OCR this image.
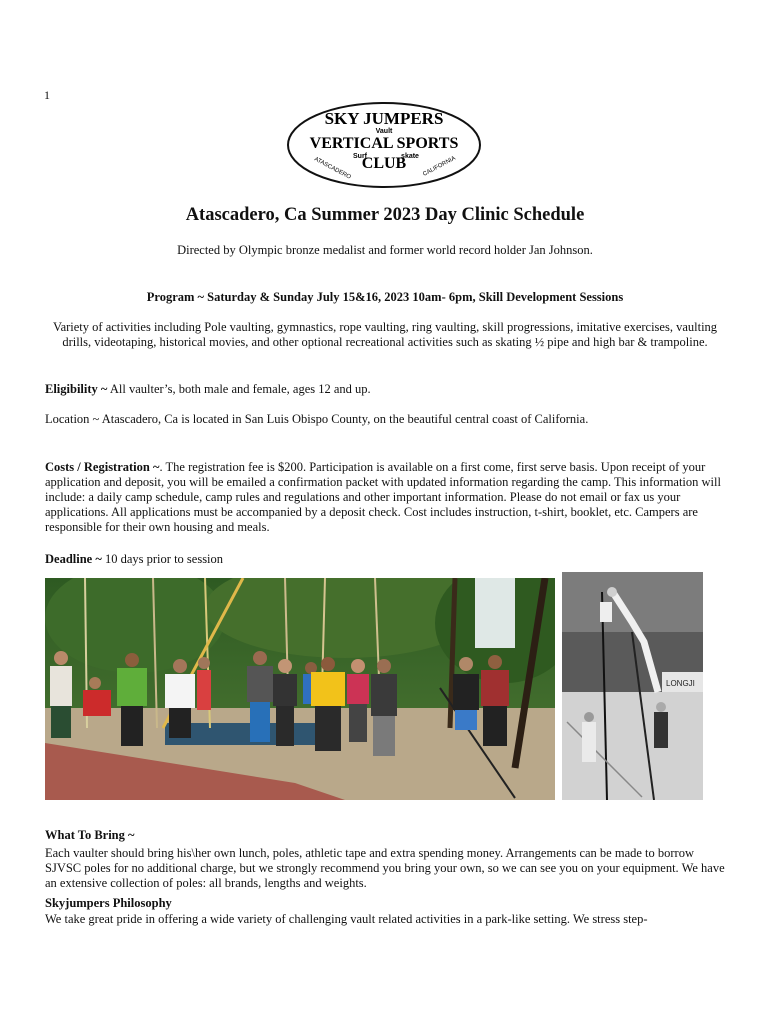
1
SKY JUMPERS
Vault
VERTICAL SPORTS
Surf	skate
CLUB
ATASCADERO	CALIFORNIA
Atascadero, Ca Summer 2023 Day Clinic Schedule
Directed by Olympic bronze medalist and former world record holder Jan Johnson.
Program ~ Saturday & Sunday July 15&16, 2023 10am- 6pm, Skill Development Sessions
Variety of activities including Pole vaulting, gymnastics, rope vaulting, ring vaulting, skill progressions, imitative exercises, vaulting drills, videotaping, historical movies, and other optional recreational activities such as skating ½ pipe and high bar & trampoline.
Eligibility ~ All vaulter’s, both male and female, ages 12 and up.
Location ~ Atascadero, Ca is located in San Luis Obispo County, on the beautiful central coast of California.
Costs / Registration ~. The registration fee is $200. Participation is available on a first come, first serve basis. Upon receipt of your application and deposit, you will be emailed a confirmation packet with updated information regarding the camp. This information will include: a daily camp schedule, camp rules and regulations and other important information. Please do not email or fax us your applications. All applications must be accompanied by a deposit check. Cost includes instruction, t-shirt, booklet, etc. Campers are responsible for their own housing and meals.
Deadline ~ 10 days prior to session
LONGJI
What To Bring ~
Each vaulter should bring his\her own lunch, poles, athletic tape and extra spending money. Arrangements can be made to borrow SJVSC poles for no additional charge, but we strongly recommend you bring your own, so we can see you on your equipment. We have an extensive collection of poles: all brands, lengths and weights.
Skyjumpers Philosophy
We take great pride in offering a wide variety of challenging vault related activities in a park-like setting. We stress step-
